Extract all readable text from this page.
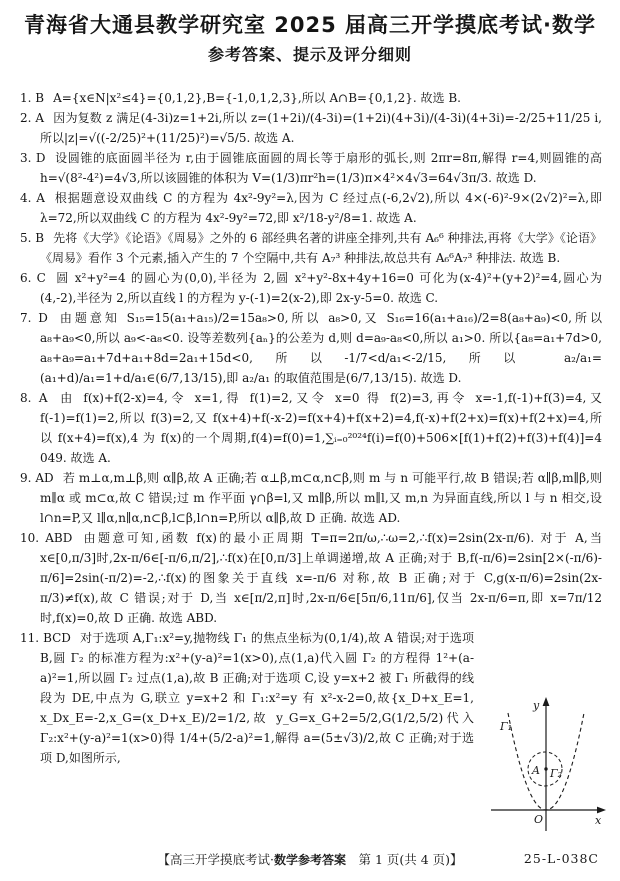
青海省大通县教学研究室 2025 届高三开学摸底考试·数学
参考答案、提示及评分细则

1. B A={x∈N|x²≤4}={0,1,2},B={-1,0,1,2,3},所以 A∩B={0,1,2}. 故选 B.

2. A 因为复数 z 满足(4-3i)z=1+2i,所以 z=(1+2i)/(4-3i)=(1+2i)(4+3i)/(4-3i)(4+3i)=-2/25+11/25 i,所以|z|=√((-2/25)²+(11/25)²)=√5/5. 故选 A.

3. D 设圆锥的底面圆半径为 r,由于圆锥底面圆的周长等于扇形的弧长,则 2πr=8π,解得 r=4,则圆锥的高 h=√(8²-4²)=4√3,所以该圆锥的体积为 V=(1/3)πr²h=(1/3)π×4²×4√3=64√3π/3. 故选 D.

4. A 根据题意设双曲线 C 的方程为 4x²-9y²=λ,因为 C 经过点(-6,2√2),所以 4×(-6)²-9×(2√2)²=λ,即 λ=72,所以双曲线 C 的方程为 4x²-9y²=72,即 x²/18-y²/8=1. 故选 A.

5. B 先将《大学》《论语》《周易》之外的 6 部经典名著的讲座全排列,共有 A₆⁶ 种排法,再将《大学》《论语》《周易》看作 3 个元素,插入产生的 7 个空隔中,共有 A₇³ 种排法,故总共有 A₆⁶A₇³ 种排法. 故选 B.

6. C 圆 x²+y²=4 的圆心为(0,0),半径为 2,圆 x²+y²-8x+4y+16=0 可化为(x-4)²+(y+2)²=4,圆心为(4,-2),半径为 2,所以直线 l 的方程为 y-(-1)=2(x-2),即 2x-y-5=0. 故选 C.

7. D 由题意知 S₁₅=15(a₁+a₁₅)/2=15a₈>0,所以 a₈>0,又 S₁₆=16(a₁+a₁₆)/2=8(a₈+a₉)<0,所以 a₈+a₉<0,所以 a₉<-a₈<0. 设等差数列{aₙ}的公差为 d,则 d=a₉-a₈<0,所以 a₁>0. 所以{a₈=a₁+7d>0, a₈+a₉=a₁+7d+a₁+8d=2a₁+15d<0,所以-1/7<d/a₁<-2/15,所以 a₂/a₁=(a₁+d)/a₁=1+d/a₁∈(6/7,13/15),即 a₂/a₁ 的取值范围是(6/7,13/15). 故选 D.

8. A 由 f(x)+f(2-x)=4,令 x=1,得 f(1)=2,又令 x=0 得 f(2)=3,再令 x=-1,f(-1)+f(3)=4,又 f(-1)=f(1)=2,所以 f(3)=2,又 f(x+4)+f(-x-2)=f(x+4)+f(x+2)=4,f(-x)+f(2+x)=f(x)+f(2+x)=4,所以 f(x+4)=f(x),4 为 f(x)的一个周期,f(4)=f(0)=1,∑ᵢ₌₀²⁰²⁴f(i)=f(0)+506×[f(1)+f(2)+f(3)+f(4)]=4 049. 故选 A.

9. AD 若 m⊥α,m⊥β,则 α∥β,故 A 正确;若 α⊥β,m⊂α,n⊂β,则 m 与 n 可能平行,故 B 错误;若 α∥β,m∥β,则 m∥α 或 m⊂α,故 C 错误;过 m 作平面 γ∩β=l,又 m∥β,所以 m∥l,又 m,n 为异面直线,所以 l 与 n 相交,设 l∩n=P,又 l∥α,n∥α,n⊂β,l⊂β,l∩n=P,所以 α∥β,故 D 正确. 故选 AD.

10. ABD 由题意可知,函数 f(x)的最小正周期 T=π=2π/ω,∴ω=2,∴f(x)=2sin(2x-π/6). 对于 A,当 x∈[0,π/3]时,2x-π/6∈[-π/6,π/2],∴f(x)在[0,π/3]上单调递增,故 A 正确;对于 B,f(-π/6)=2sin[2×(-π/6)-π/6]=2sin(-π/2)=-2,∴f(x)的图象关于直线 x=-π/6 对称,故 B 正确;对于 C,g(x-π/6)=2sin(2x-π/3)≠f(x),故 C 错误;对于 D,当 x∈[π/2,π]时,2x-π/6∈[5π/6,11π/6],仅当 2x-π/6=π,即 x=7π/12 时,f(x)=0,故 D 正确. 故选 ABD.

11. BCD 对于选项 A,Γ₁:x²=y,抛物线 Γ₁ 的焦点坐标为(0,1/4),故 A 错误;对于选项 B,圆 Γ₂ 的标准方程为:x²+(y-a)²=1(x>0),点(1,a)代入圆 Γ₂ 的方程得 1²+(a-a)²=1,所以圆 Γ₂ 过点(1,a),故 B 正确;对于选项 C,设 y=x+2 被 Γ₁ 所截得的线段为 DE,中点为 G,联立 y=x+2 和 Γ₁:x²=y 有 x²-x-2=0,故{x_D+x_E=1, x_Dx_E=-2,x_G=(x_D+x_E)/2=1/2,故 y_G=x_G+2=5/2,G(1/2,5/2)代入 Γ₂:x²+(y-a)²=1(x>0)得 1/4+(5/2-a)²=1,解得 a=(5±√3)/2,故 C 正确;对于选项 D,如图所示,

y
x
O
Γ₁
A Γ₂
【高三开学摸底考试·数学参考答案　第 1 页(共 4 页)】	25-L-038C
